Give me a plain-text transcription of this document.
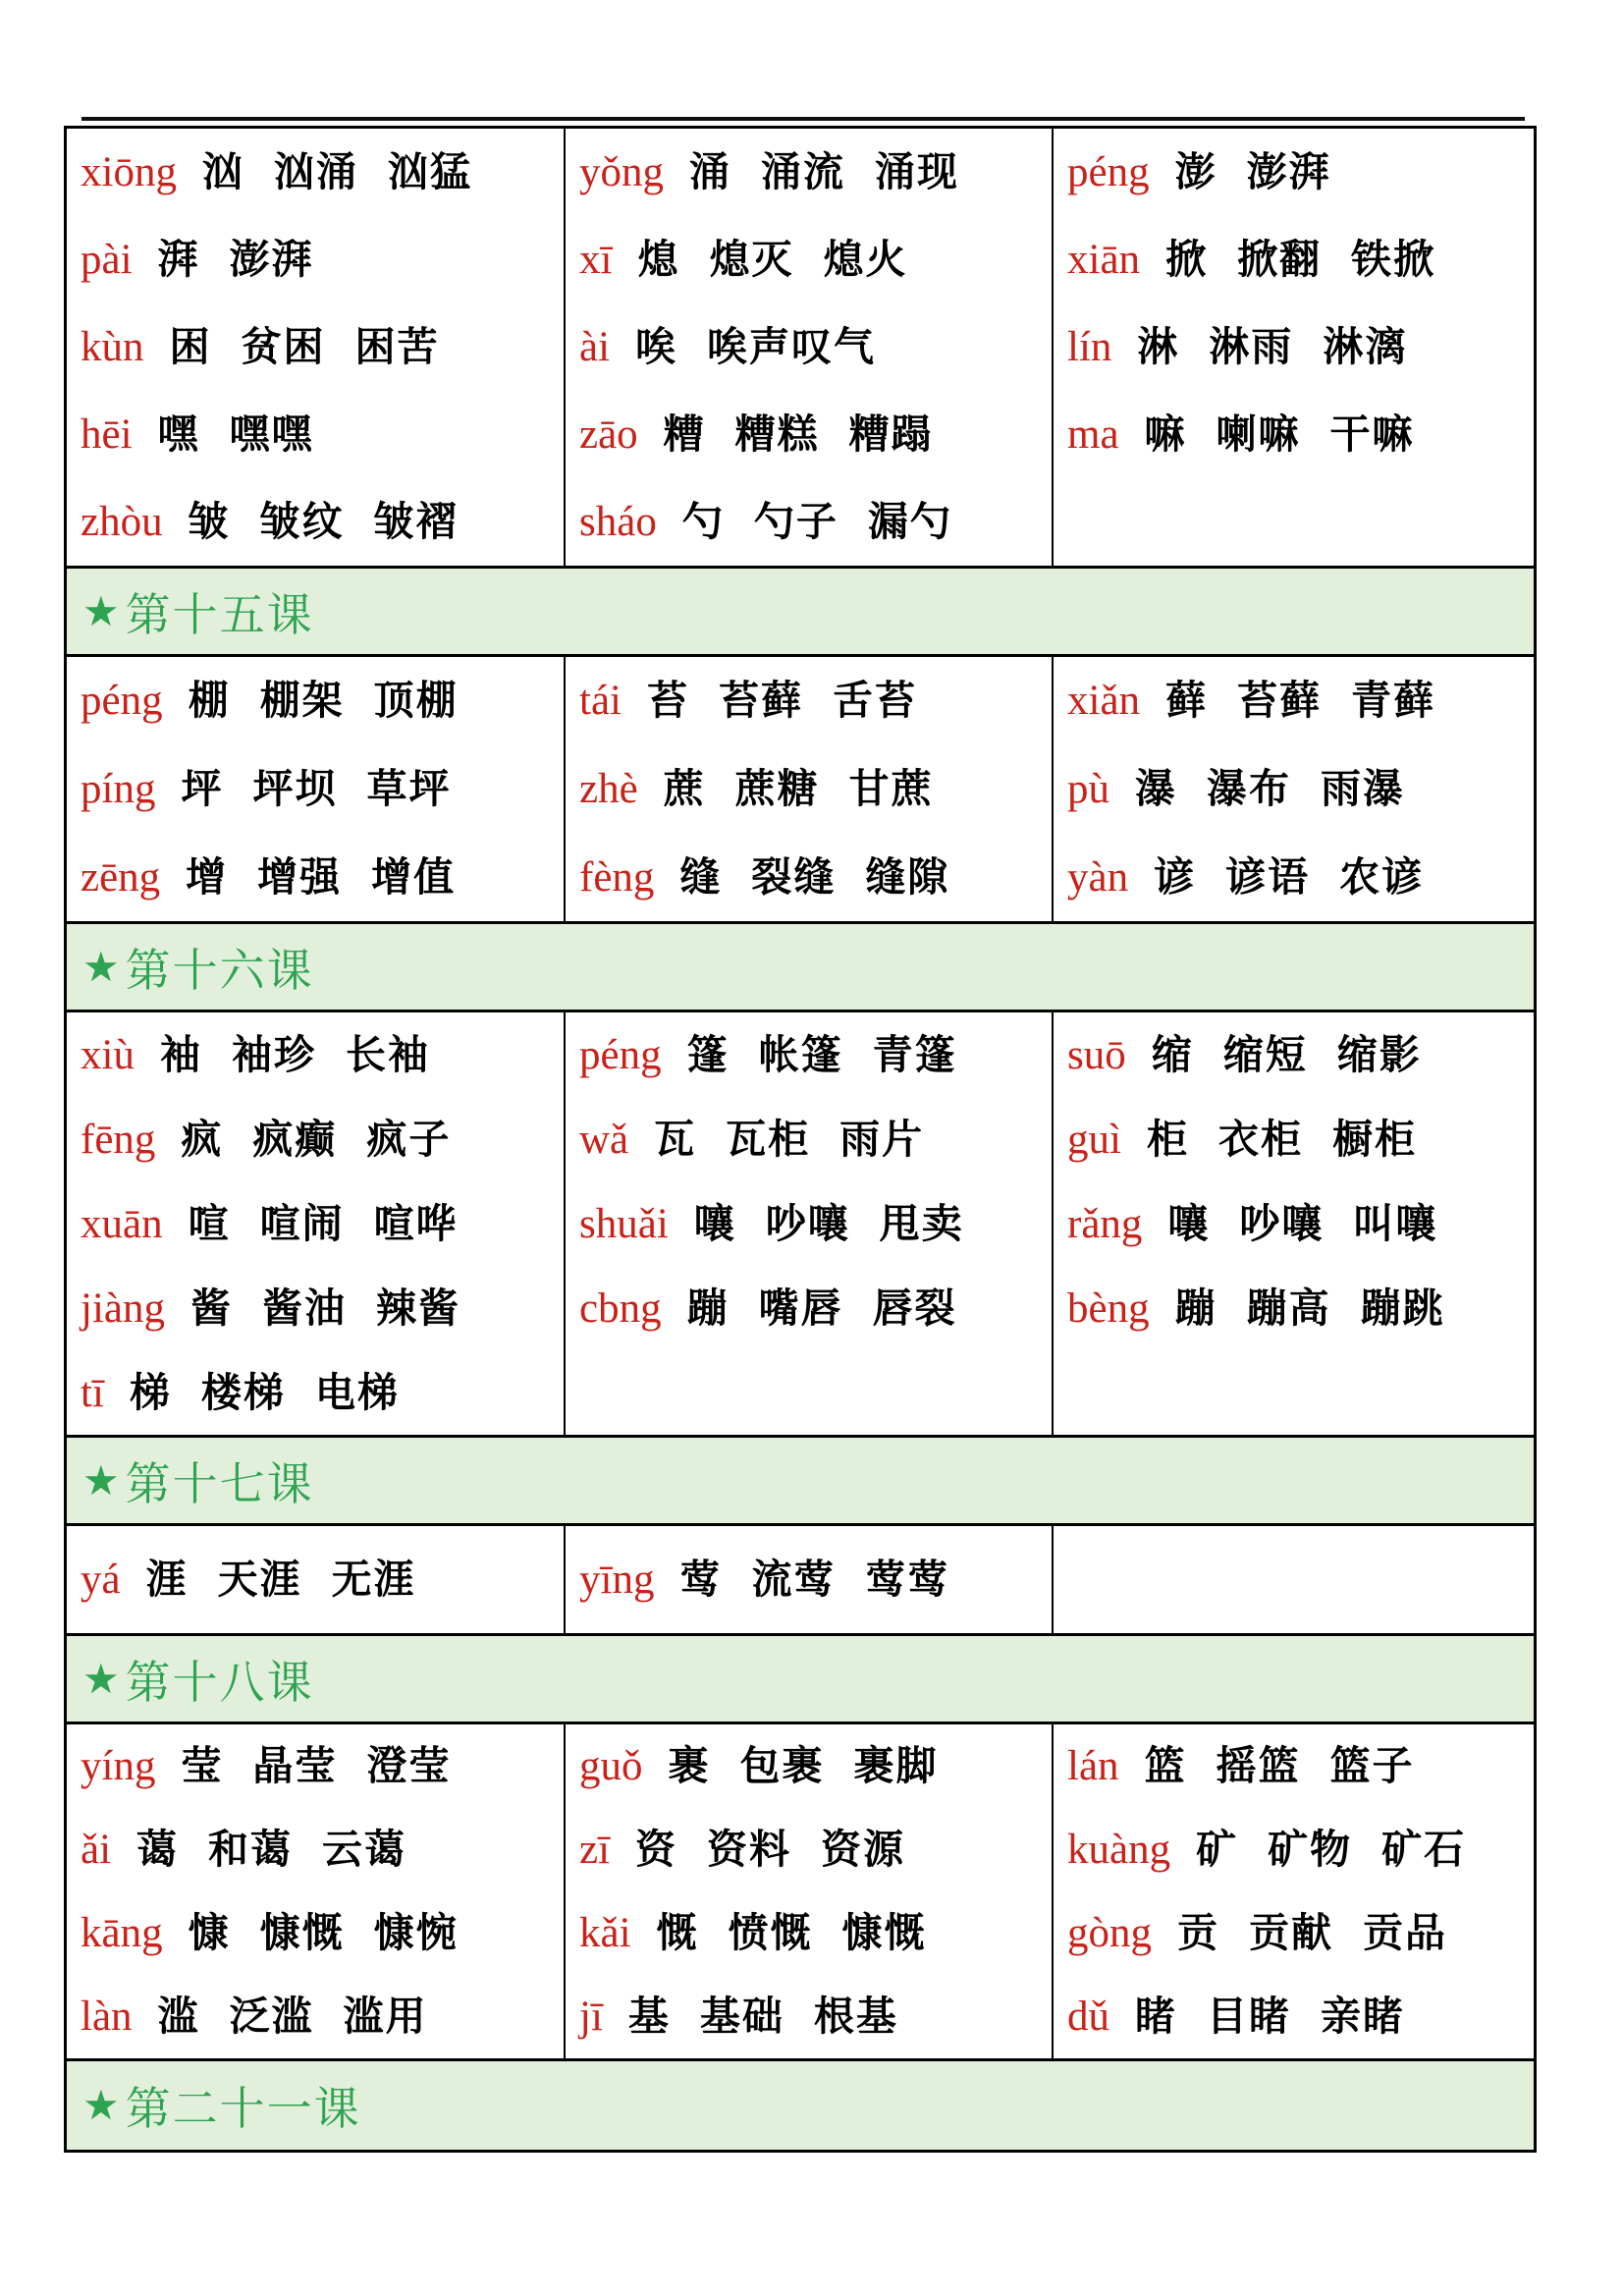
xiōng 汹 汹涌 汹猛
pài 湃 澎湃
kùn 困 贫困 困苦
hēi 嘿 嘿嘿
zhòu 皱 皱纹 皱褶
yǒng 涌 涌流 涌现
xī 熄 熄灭 熄火
ài 唉 唉声叹气
zāo 糟 糟糕 糟蹋
sháo 勺 勺子 漏勺
péng 澎 澎湃
xiān 掀 掀翻 铁掀
lín 淋 淋雨 淋漓
ma 嘛 喇嘛 干嘛
★ 第十五课
péng 棚 棚架 顶棚
píng 坪 坪坝 草坪
zēng 增 增强 增值
tái 苔 苔藓 舌苔
zhè 蔗 蔗糖 甘蔗
fèng 缝 裂缝 缝隙
xiǎn 藓 苔藓 青藓
pù 瀑 瀑布 雨瀑
yàn 谚 谚语 农谚
★ 第十六课
xiù 袖 袖珍 长袖
fēng 疯 疯癫 疯子
xuān 喧 喧闹 喧哗
jiàng 酱 酱油 辣酱
tī 梯 楼梯 电梯
péng 篷 帐篷 青篷
wǎ 瓦 瓦柜 雨片
shuǎi 嚷 吵嚷 甩卖
cbng 蹦 嘴唇 唇裂
suō 缩 缩短 缩影
guì 柜 衣柜 橱柜
rǎng 嚷 吵嚷 叫嚷
bèng 蹦 蹦高 蹦跳
★ 第十七课
yá 涯 天涯 无涯	yīng 莺 流莺 莺莺
★ 第十八课
yíng 莹 晶莹 澄莹
ǎi 蔼 和蔼 云蔼
kāng 慷 慷慨 慷惋
làn 滥 泛滥 滥用
guǒ 裹 包裹 裹脚
zī 资 资料 资源
kǎi 慨 愤慨 慷慨
jī 基 基础 根基
lán 篮 摇篮 篮子
kuàng 矿 矿物 矿石
gòng 贡 贡献 贡品
dǔ 睹 目睹 亲睹
★ 第二十一课
